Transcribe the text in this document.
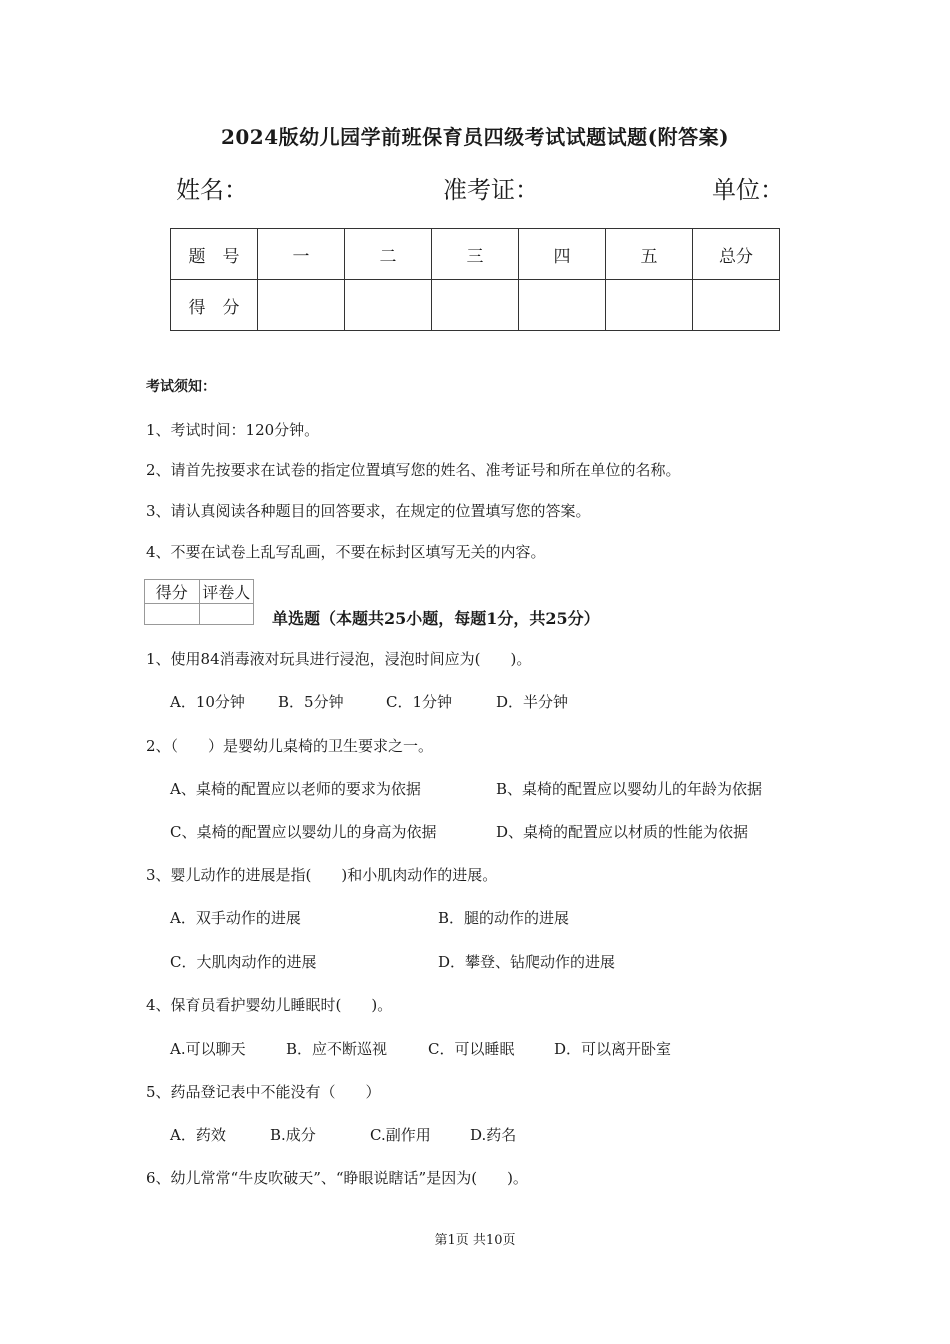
2024版幼儿园学前班保育员四级考试试题试题(附答案)
姓名：	准考证：	单位：
题　号	一	二	三	四	五	总分
得　分						
考试须知：
1、考试时间：120分钟。
2、请首先按要求在试卷的指定位置填写您的姓名、准考证号和所在单位的名称。
3、请认真阅读各种题目的回答要求，在规定的位置填写您的答案。
4、不要在试卷上乱写乱画，不要在标封区填写无关的内容。
得分	评卷人

单选题（本题共25小题，每题1分，共25分）
1、使用84消毒液对玩具进行浸泡，浸泡时间应为(　　)。
A．10分钟 B．5分钟	C．1分钟	D．半分钟
2、（　　）是婴幼儿桌椅的卫生要求之一。
A、桌椅的配置应以老师的要求为依据	B、桌椅的配置应以婴幼儿的年龄为依据
C、桌椅的配置应以婴幼儿的身高为依据	D、桌椅的配置应以材质的性能为依据
3、婴儿动作的进展是指(　　)和小肌肉动作的进展。
A．双手动作的进展	B．腿的动作的进展
C．大肌肉动作的进展	D．攀登、钻爬动作的进展
4、保育员看护婴幼儿睡眠时(　　)。
A.可以聊天	B．应不断巡视	C．可以睡眠	D．可以离开卧室
5、药品登记表中不能没有（　　）
A．药效	B.成分	C.副作用	D.药名
6、幼儿常常“牛皮吹破天”、“睁眼说瞎话”是因为(　　)。
第1页 共10页
